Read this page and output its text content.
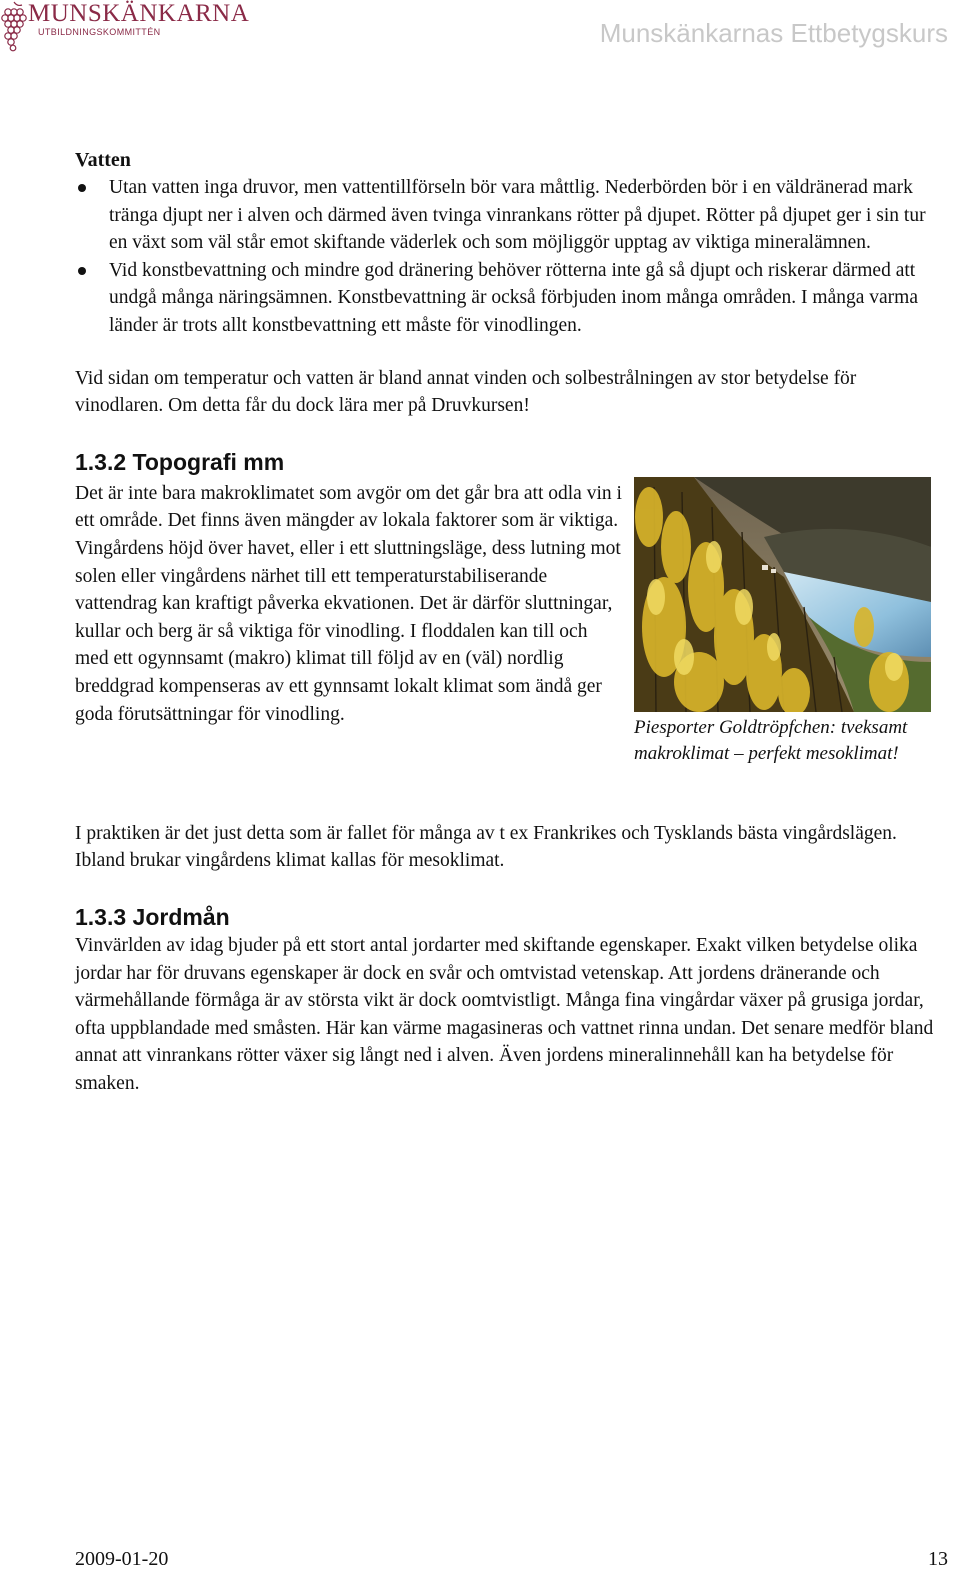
MUNSKÄNKARNA
UTBILDNINGSKOMMITTÉN	Munskänkarnas Ettbetygskurs

Vatten

Utan vatten inga druvor, men vattentillförseln bör vara måttlig. Nederbörden bör i en väldränerad mark tränga djupt ner i alven och därmed även tvinga vinrankans rötter på djupet. Rötter på djupet ger i sin tur en växt som väl står emot skiftande väderlek och som möjliggör upptag av viktiga mineralämnen.
Vid konstbevattning och mindre god dränering behöver rötterna inte gå så djupt och riskerar därmed att undgå många näringsämnen. Konstbevattning är också förbjuden inom många områden. I många varma länder är trots allt konstbevattning ett måste för vinodlingen.

Vid sidan om temperatur och vatten är bland annat vinden och solbestrålningen av stor betydelse för vinodlaren. Om detta får du dock lära mer på Druvkursen!

1.3.2 Topografi mm

Det är inte bara makroklimatet som avgör om det går bra att odla vin i ett område. Det finns även mängder av lokala faktorer som är viktiga. Vingårdens höjd över havet, eller i ett sluttningsläge, dess lutning mot solen eller vingårdens närhet till ett temperaturstabiliserande vattendrag kan kraftigt påverka ekvationen. Det är därför sluttningar, kullar och berg är så viktiga för vinodling. I floddalen kan till och med ett ogynnsamt (makro) klimat till följd av en (väl) nordlig breddgrad kompenseras av ett gynnsamt lokalt klimat som ändå ger goda förutsättningar för vinodling.

Piesporter Goldtröpfchen: tveksamt makroklimat – perfekt mesoklimat!

I praktiken är det just detta som är fallet för många av t ex Frankrikes och Tysklands bästa vingårdslägen. Ibland brukar vingårdens klimat kallas för mesoklimat.

1.3.3 Jordmån

Vinvärlden av idag bjuder på ett stort antal jordarter med skiftande egenskaper. Exakt vilken betydelse olika jordar har för druvans egenskaper är dock en svår och omtvistad vetenskap. Att jordens dränerande och värmehållande förmåga är av största vikt är dock oomtvistligt. Många fina vingårdar växer på grusiga jordar, ofta uppblandade med småsten. Här kan värme magasineras och vattnet rinna undan. Det senare medför bland annat att vinrankans rötter växer sig långt ned i alven. Även jordens mineralinnehåll kan ha betydelse för smaken.

2009-01-20	13
